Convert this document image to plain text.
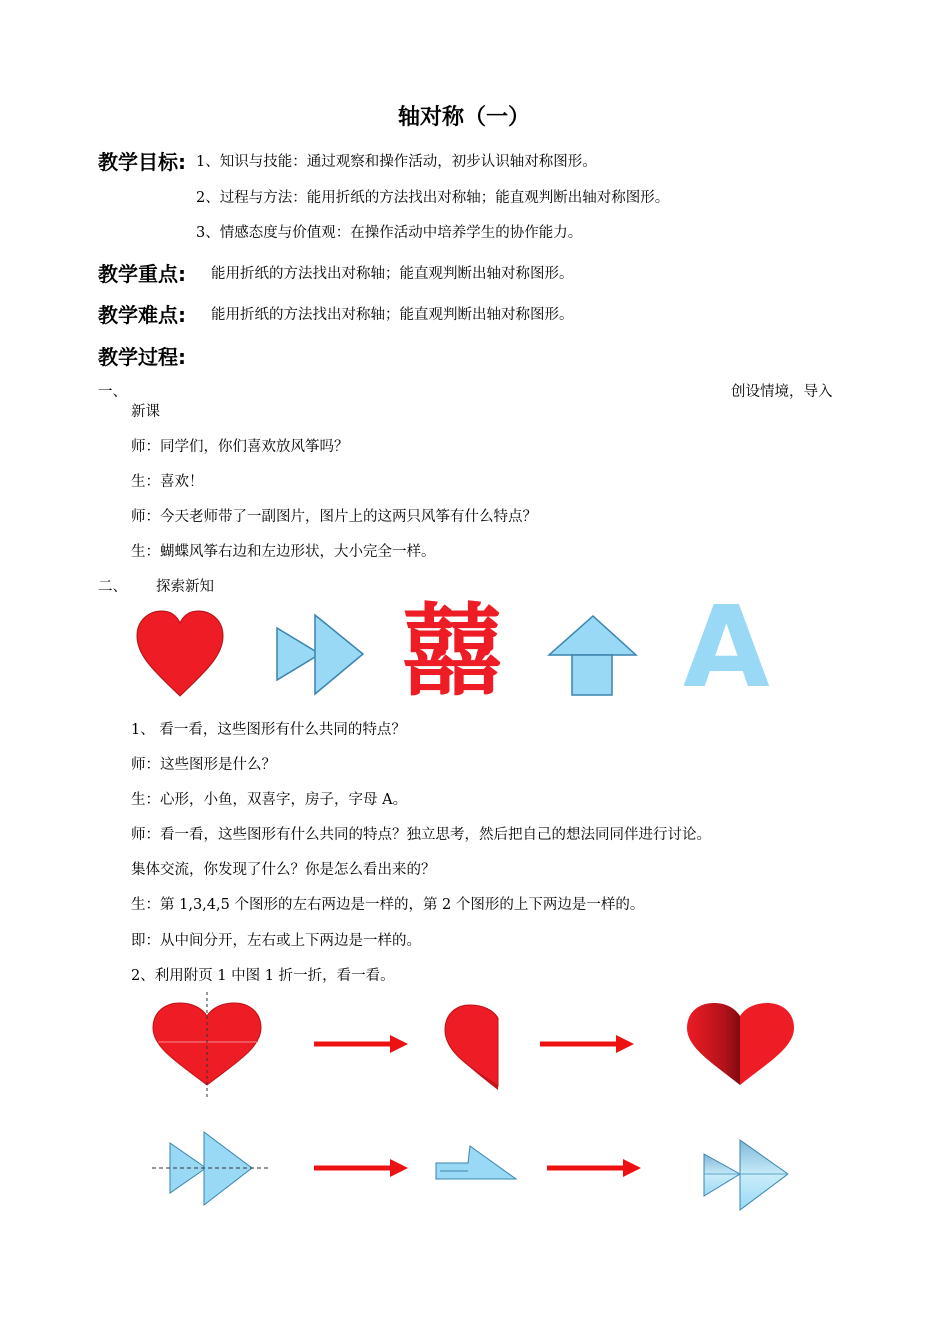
轴对称（一）
教学目标: 1、知识与技能：通过观察和操作活动，初步认识轴对称图形。
2、过程与方法：能用折纸的方法找出对称轴；能直观判断出轴对称图形。
3、情感态度与价值观：在操作活动中培养学生的协作能力。
教学重点: 能用折纸的方法找出对称轴；能直观判断出轴对称图形。
教学难点: 能用折纸的方法找出对称轴；能直观判断出轴对称图形。
教学过程:
一、	创设情境，导入
新课
师：同学们，你们喜欢放风筝吗？
生：喜欢！
师：今天老师带了一副图片，图片上的这两只风筝有什么特点？
生：蝴蝶风筝右边和左边形状，大小完全一样。
二、 探索新知
囍 A
1、 看一看，这些图形有什么共同的特点？
师：这些图形是什么？
生：心形，小鱼，双喜字，房子，字母 A。
师：看一看，这些图形有什么共同的特点？独立思考，然后把自己的想法同同伴进行讨论。
集体交流，你发现了什么？你是怎么看出来的？
生：第 1,3,4,5 个图形的左右两边是一样的，第 2 个图形的上下两边是一样的。
即：从中间分开，左右或上下两边是一样的。
2、利用附页 1 中图 1 折一折，看一看。
